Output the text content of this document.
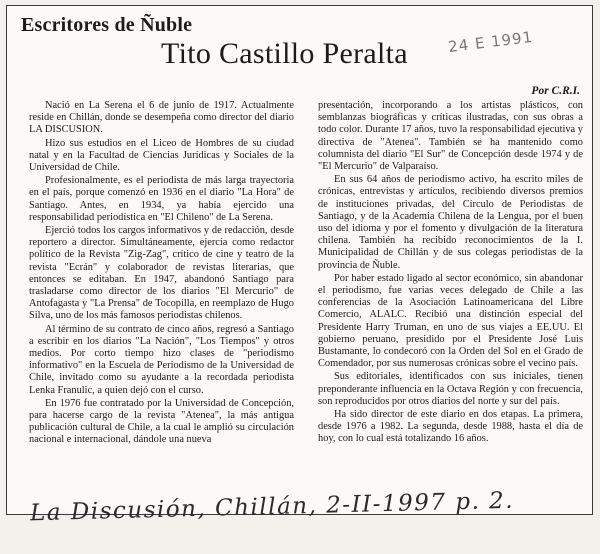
Escritores de Ñuble
Tito Castillo Peralta	24 E 1991
Por C.R.I.

Nació en La Serena el 6 de junio de 1917. Actualmente reside en Chillán, donde se desempeña como director del diario LA DISCUSION.

Hizo sus estudios en el Liceo de Hombres de su ciudad natal y en la Facultad de Ciencias Jurídicas y Sociales de la Universidad de Chile.

Profesionalmente, es el periodista de más larga trayectoria en el país, porque comenzó en 1936 en el diario "La Hora" de Santiago. Antes, en 1934, ya había ejercido una responsabilidad periodística en "El Chileno" de La Serena.

Ejerció todos los cargos informativos y de redacción, desde reportero a director. Simultáneamente, ejercía como redactor político de la Revista "Zig-Zag", crítico de cine y teatro de la revista "Ecrán" y colaborador de revistas literarias, que entonces se editaban. En 1947, abandonó Santiago para trasladarse como director de los diarios "El Mercurio" de Antofagasta y "La Prensa" de Tocopilla, en reemplazo de Hugo Silva, uno de los más famosos periodistas chilenos.

Al término de su contrato de cinco años, regresó a Santiago a escribir en los diarios "La Nación", "Los Tiempos" y otros medios. Por corto tiempo hizo clases de "periodismo informativo" en la Escuela de Periodismo de la Universidad de Chile, invitado como su ayudante a la recordada periodista Lenka Franulic, a quien dejó con el curso.

En 1976 fue contratado por la Universidad de Concepción, para hacerse cargo de la revista "Atenea", la más antigua publicación cultural de Chile, a la cual le amplió su circulación nacional e internacional, dándole una nueva

presentación, incorporando a los artistas plásticos, con semblanzas biográficas y críticas ilustradas, con sus obras a todo color. Durante 17 años, tuvo la responsabilidad ejecutiva y directiva de "Atenea". También se ha mantenido como columnista del diario "El Sur" de Concepción desde 1974 y de "El Mercurio" de Valparaíso.

En sus 64 años de periodismo activo, ha escrito miles de crónicas, entrevistas y artículos, recibiendo diversos premios de instituciones privadas, del Círculo de Periodistas de Santiago, y de la Academia Chilena de la Lengua, por el buen uso del idioma y por el fomento y divulgación de la literatura chilena. También ha recibido reconocimientos de la I. Municipalidad de Chillán y de sus colegas periodistas de la provincia de Ñuble.

Por haber estado ligado al sector económico, sin abandonar el periodismo, fue varias veces delegado de Chile a las conferencias de la Asociación Latinoamericana del Libre Comercio, ALALC. Recibió una distinción especial del Presidente Harry Truman, en uno de sus viajes a EE.UU. El gobierno peruano, presidido por el Presidente José Luis Bustamante, lo condecoró con la Orden del Sol en el Grado de Comendador, por sus numerosas crónicas sobre el vecino país.

Sus editoriales, identificados con sus iniciales, tienen preponderante influencia en la Octava Región y con frecuencia, son reproducidos por otros diarios del norte y sur del país.

Ha sido director de este diario en dos etapas. La primera, desde 1976 a 1982. La segunda, desde 1988, hasta el día de hoy, con lo cual está totalizando 16 años.

La Discusión, Chillán, 2-II-1997 p. 2.
